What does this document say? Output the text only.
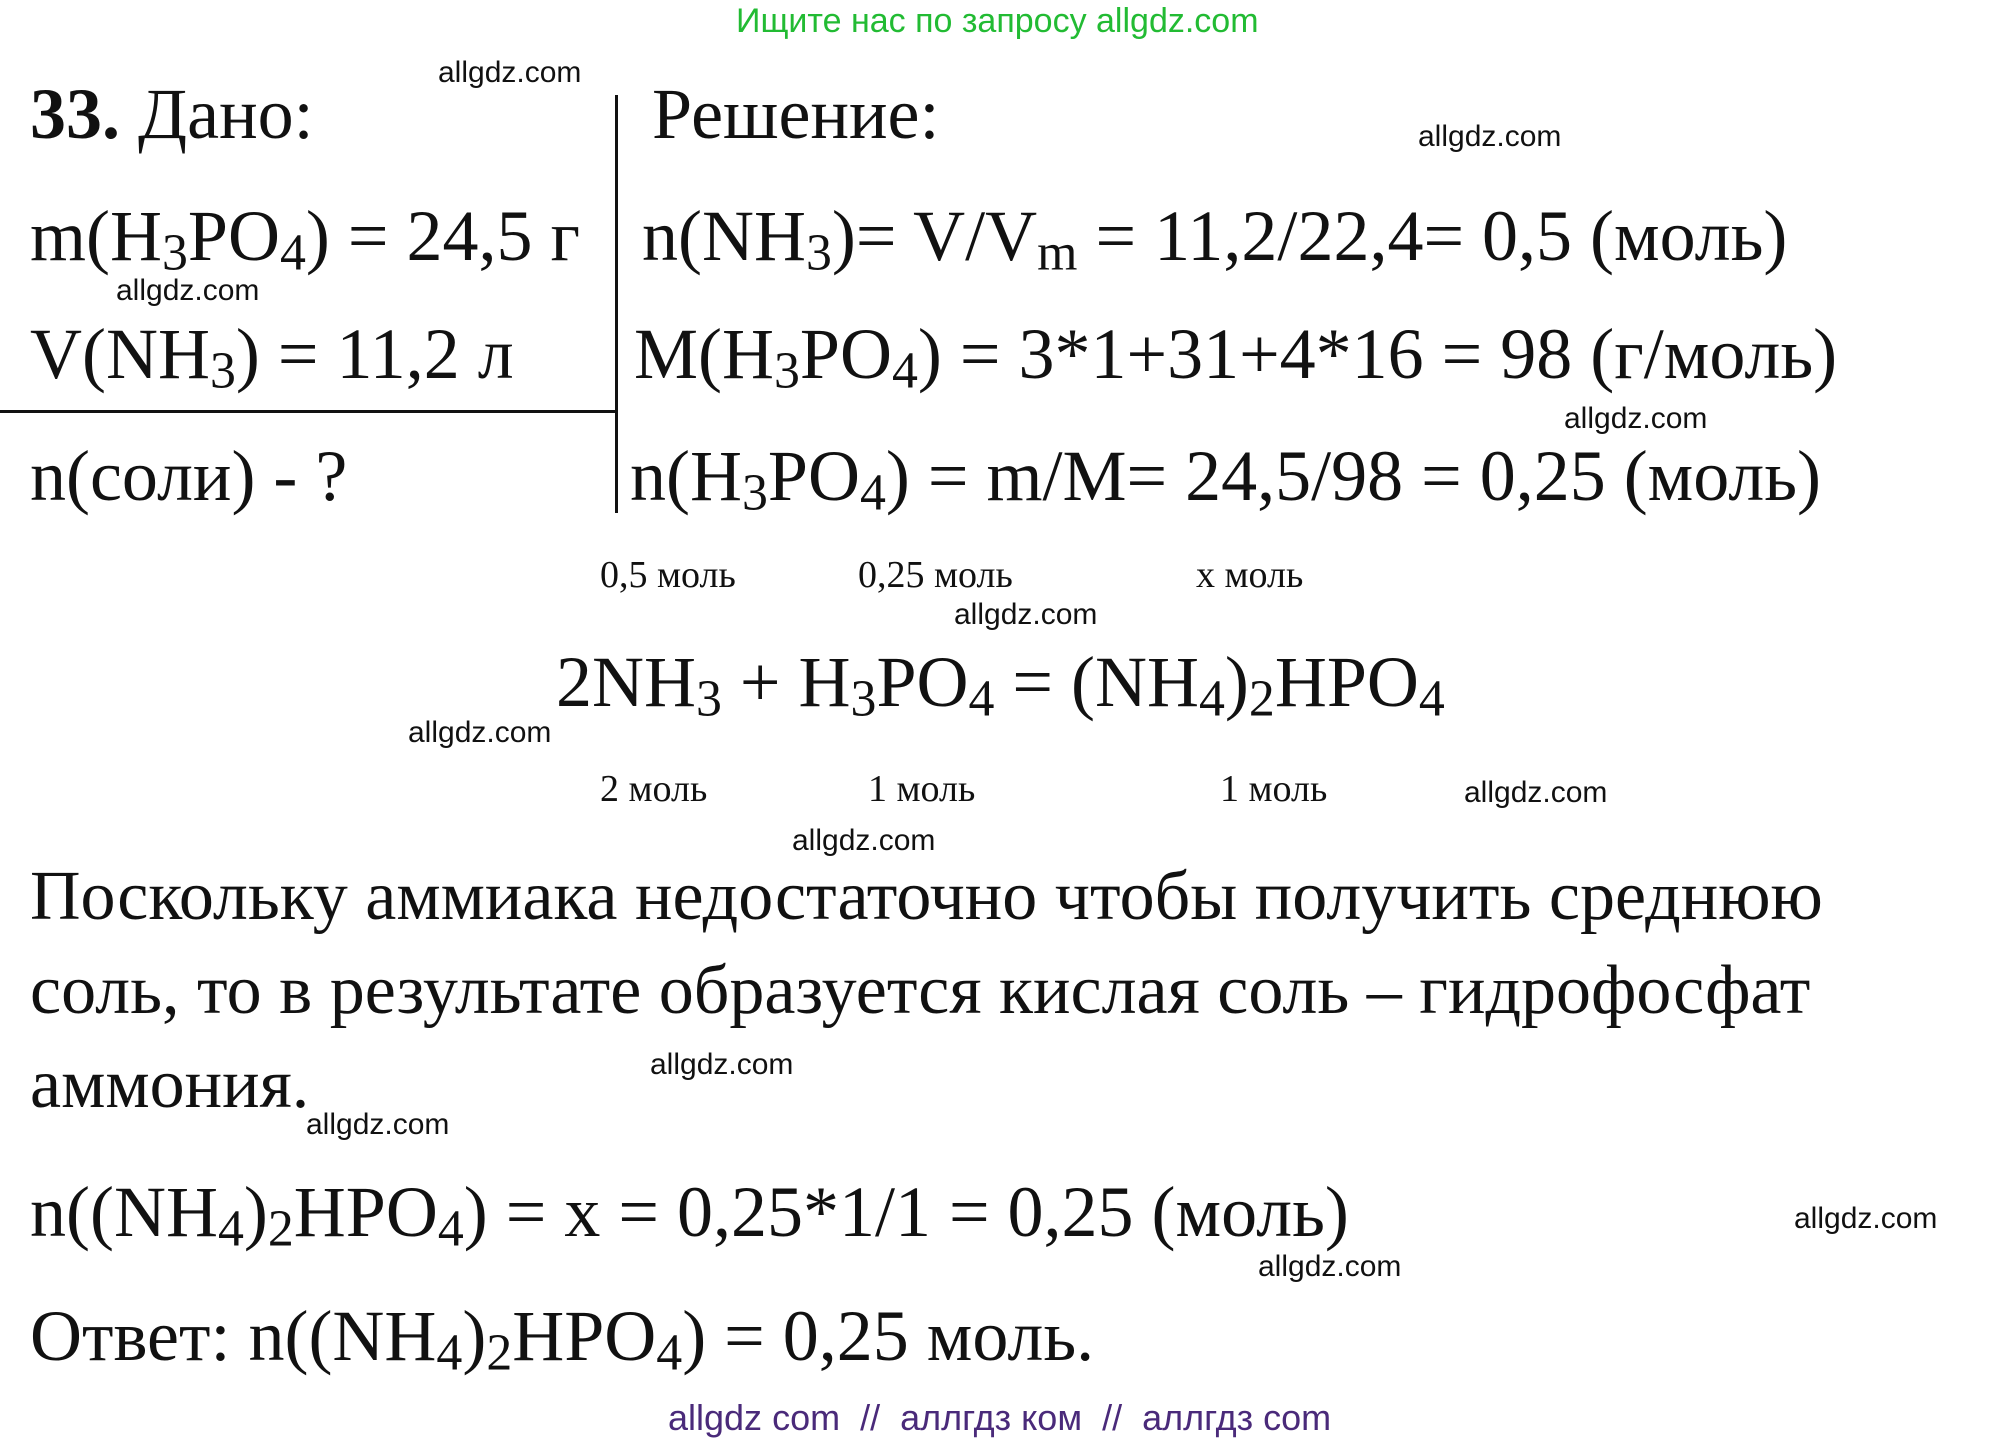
Ищите нас по запросу allgdz.com
33. Дано:	Решение:
$m(H_3PO_4) = 24,5$ г
$V(NH_3) = 11,2$ л
n(соли) - ?
$n(NH_3)= V/V_m = 11,2/22,4= 0,5$ (моль)
$M(H_3PO_4) = 3*1+31+4*16 = 98$ (г/моль)
$n(H_3PO_4) = m/M= 24,5/98 = 0,25$ (моль)
0,5 моль	0,25 моль	x моль
$2NH_3 + H_3PO_4 = (NH_4)_2HPO_4$
2 моль	1 моль	1 моль
Поскольку аммиака недостаточно чтобы получить среднюю
соль, то в результате образуется кислая соль – гидрофосфат
аммония.
$n((NH_4)_2HPO_4) = x = 0,25*1/1 = 0,25$ (моль)
Ответ: $n((NH_4)_2HPO_4) = 0,25$ моль.
allgdz.com
allgdz.com
allgdz.com
allgdz.com
allgdz.com
allgdz.com
allgdz.com
allgdz.com
allgdz.com
allgdz.com
allgdz.com
allgdz.com
allgdz com  //  аллгдз ком  //  аллгдз com
